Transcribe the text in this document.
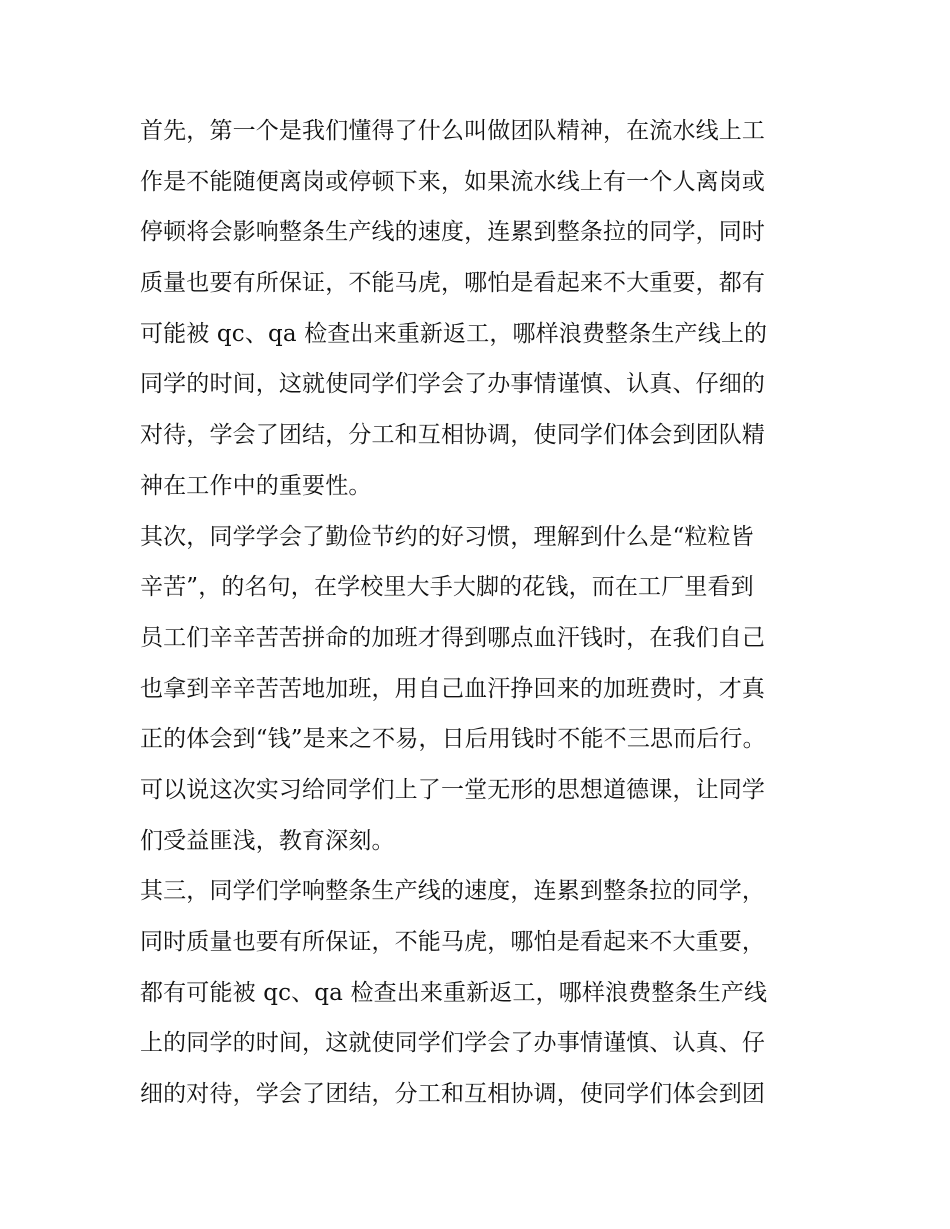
首先，第一个是我们懂得了什么叫做团队精神，在流水线上工
作是不能随便离岗或停顿下来，如果流水线上有一个人离岗或
停顿将会影响整条生产线的速度，连累到整条拉的同学，同时
质量也要有所保证，不能马虎，哪怕是看起来不大重要，都有
可能被 qc、qa 检查出来重新返工，哪样浪费整条生产线上的
同学的时间，这就使同学们学会了办事情谨慎、认真、仔细的
对待，学会了团结，分工和互相协调，使同学们体会到团队精
神在工作中的重要性。
其次，同学学会了勤俭节约的好习惯，理解到什么是“粒粒皆
辛苦”，的名句，在学校里大手大脚的花钱，而在工厂里看到
员工们辛辛苦苦拼命的加班才得到哪点血汗钱时，在我们自己
也拿到辛辛苦苦地加班，用自己血汗挣回来的加班费时，才真
正的体会到“钱”是来之不易，日后用钱时不能不三思而后行。
可以说这次实习给同学们上了一堂无形的思想道德课，让同学
们受益匪浅，教育深刻。
其三，同学们学响整条生产线的速度，连累到整条拉的同学，
同时质量也要有所保证，不能马虎，哪怕是看起来不大重要，
都有可能被 qc、qa 检查出来重新返工，哪样浪费整条生产线
上的同学的时间，这就使同学们学会了办事情谨慎、认真、仔
细的对待，学会了团结，分工和互相协调，使同学们体会到团
